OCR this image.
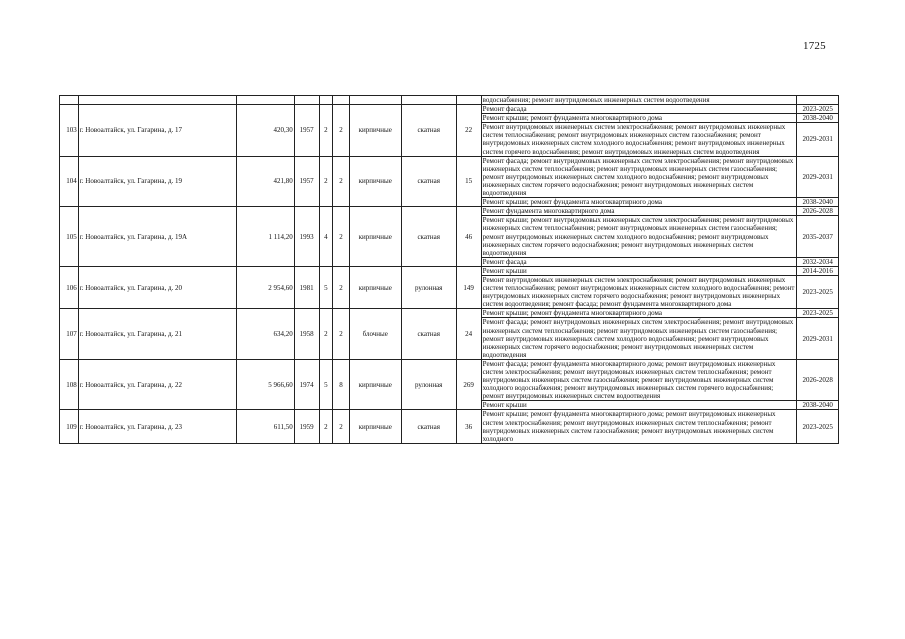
1725
									водоснабжения; ремонт внутридомовых инженерных систем водоотведения	
103	г. Новоалтайск, ул. Гагарина, д. 17	420,30	1957	2	2	кирпичные	скатная	22	Ремонт фасада	2023-2025
									Ремонт крыши; ремонт фундамента многоквартирного дома	2038-2040
									Ремонт внутридомовых инженерных систем электроснабжения; ремонт внутридомовых инженерных систем теплоснабжения; ремонт внутридомовых инженерных систем газоснабжения; ремонт внутридомовых инженерных систем холодного водоснабжения; ремонт внутридомовых инженерных систем горячего водоснабжения; ремонт внутридомовых инженерных систем водоотведения	2029-2031
104	г. Новоалтайск, ул. Гагарина, д. 19	421,80	1957	2	2	кирпичные	скатная	15	Ремонт фасада; ремонт внутридомовых инженерных систем электроснабжения; ремонт внутридомовых инженерных систем теплоснабжения; ремонт внутридомовых инженерных систем газоснабжения; ремонт внутридомовых инженерных систем холодного водоснабжения; ремонт внутридомовых инженерных систем горячего водоснабжения; ремонт внутридомовых инженерных систем водоотведения	2029-2031
									Ремонт крыши; ремонт фундамента многоквартирного дома	2038-2040
105	г. Новоалтайск, ул. Гагарина, д. 19А	1 114,20	1993	4	2	кирпичные	скатная	46	Ремонт фундамента многоквартирного дома	2026-2028
									Ремонт крыши; ремонт внутридомовых инженерных систем электроснабжения; ремонт внутридомовых инженерных систем теплоснабжения; ремонт внутридомовых инженерных систем газоснабжения; ремонт внутридомовых инженерных систем холодного водоснабжения; ремонт внутридомовых инженерных систем горячего водоснабжения; ремонт внутридомовых инженерных систем водоотведения	2035-2037
									Ремонт фасада	2032-2034
106	г. Новоалтайск, ул. Гагарина, д. 20	2 954,60	1981	5	2	кирпичные	рулонная	149	Ремонт крыши	2014-2016
									Ремонт внутридомовых инженерных систем электроснабжения; ремонт внутридомовых инженерных систем теплоснабжения; ремонт внутридомовых инженерных систем холодного водоснабжения; ремонт внутридомовых инженерных систем горячего водоснабжения; ремонт внутридомовых инженерных систем водоотведения; ремонт фасада; ремонт фундамента многоквартирного дома	2023-2025
107	г. Новоалтайск, ул. Гагарина, д. 21	634,20	1958	2	2	блочные	скатная	24	Ремонт крыши; ремонт фундамента многоквартирного дома	2023-2025
									Ремонт фасада; ремонт внутридомовых инженерных систем электроснабжения; ремонт внутридомовых инженерных систем теплоснабжения; ремонт внутридомовых инженерных систем газоснабжения; ремонт внутридомовых инженерных систем холодного водоснабжения; ремонт внутридомовых инженерных систем горячего водоснабжения; ремонт внутридомовых инженерных систем водоотведения	2029-2031
108	г. Новоалтайск, ул. Гагарина, д. 22	5 966,60	1974	5	8	кирпичные	рулонная	269	Ремонт фасада; ремонт фундамента многоквартирного дома; ремонт внутридомовых инженерных систем электроснабжения; ремонт внутридомовых инженерных систем теплоснабжения; ремонт внутридомовых инженерных систем газоснабжения; ремонт внутридомовых инженерных систем холодного водоснабжения; ремонт внутридомовых инженерных систем горячего водоснабжения; ремонт внутридомовых инженерных систем водоотведения	2026-2028
									Ремонт крыши	2038-2040
109	г. Новоалтайск, ул. Гагарина, д. 23	611,50	1959	2	2	кирпичные	скатная	36	Ремонт крыши; ремонт фундамента многоквартирного дома; ремонт внутридомовых инженерных систем электроснабжения; ремонт внутридомовых инженерных систем теплоснабжения; ремонт внутридомовых инженерных систем газоснабжения; ремонт внутридомовых инженерных систем холодного	2023-2025
